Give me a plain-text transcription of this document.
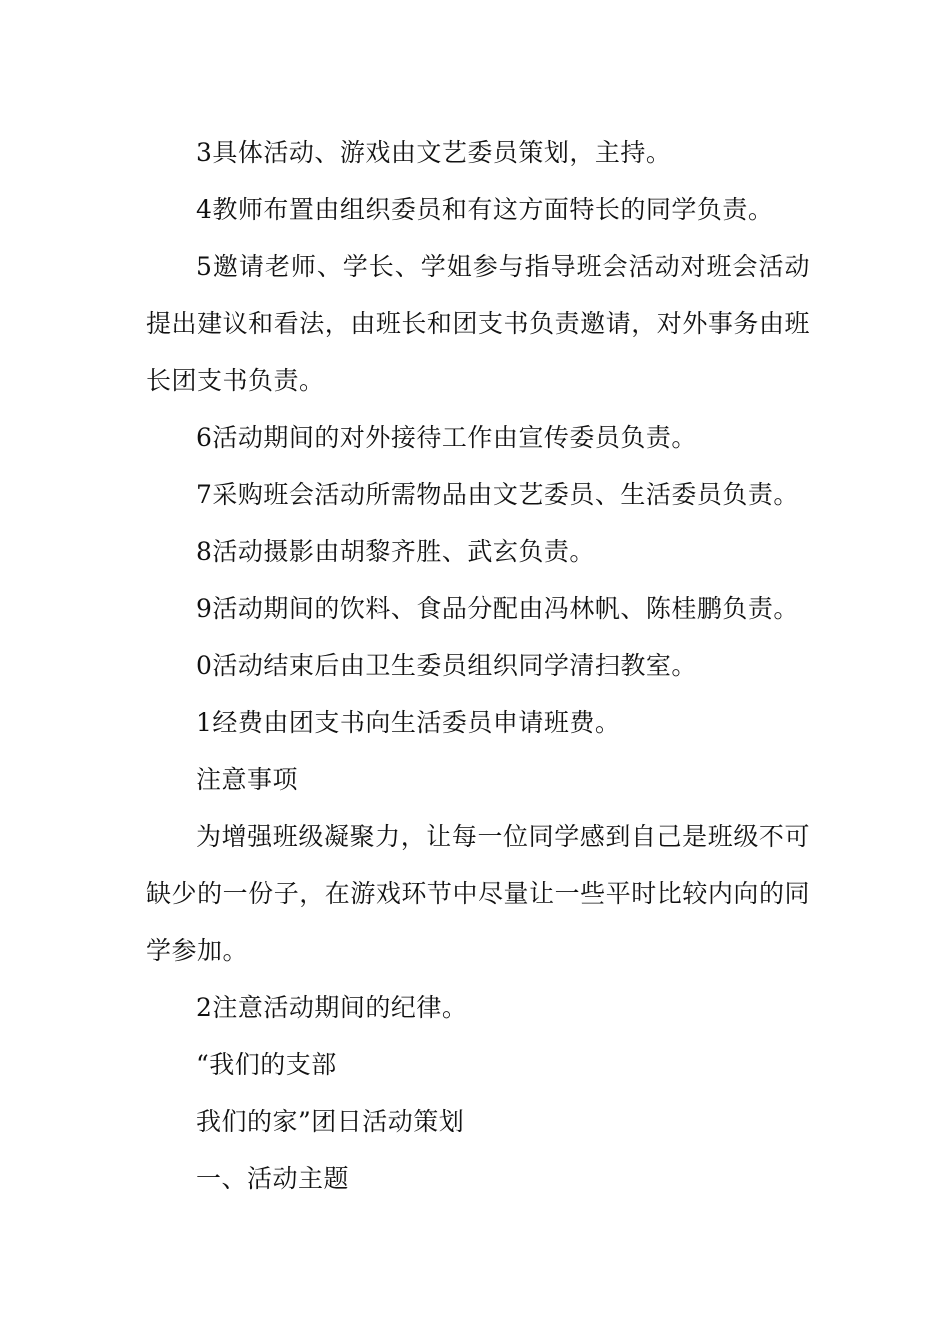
3具体活动、游戏由文艺委员策划，主持。

4教师布置由组织委员和有这方面特长的同学负责。

5邀请老师、学长、学姐参与指导班会活动对班会活动提出建议和看法，由班长和团支书负责邀请，对外事务由班长团支书负责。

6活动期间的对外接待工作由宣传委员负责。

7采购班会活动所需物品由文艺委员、生活委员负责。

8活动摄影由胡黎齐胜、武玄负责。

9活动期间的饮料、食品分配由冯林帆、陈桂鹏负责。

0活动结束后由卫生委员组织同学清扫教室。

1经费由团支书向生活委员申请班费。

注意事项

为增强班级凝聚力，让每一位同学感到自己是班级不可缺少的一份子，在游戏环节中尽量让一些平时比较内向的同学参加。

2注意活动期间的纪律。

“我们的支部

我们的家”团日活动策划

一、活动主题
